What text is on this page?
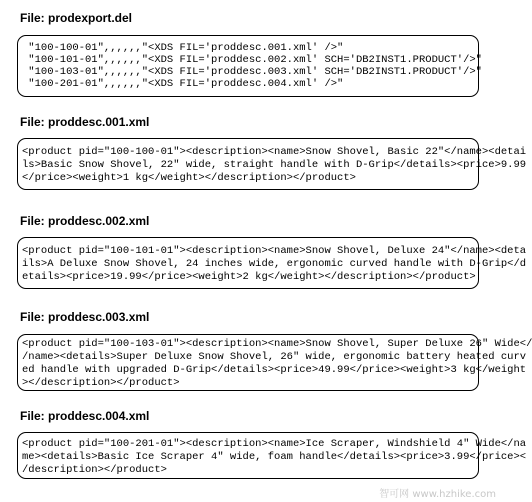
File: prodexport.del
"100-100-01",,,,,,"<XDS FIL='proddesc.001.xml' />"
"100-101-01",,,,,,"<XDS FIL='proddesc.002.xml' SCH='DB2INST1.PRODUCT'/>"
"100-103-01",,,,,,"<XDS FIL='proddesc.003.xml' SCH='DB2INST1.PRODUCT'/>"
"100-201-01",,,,,,"<XDS FIL='proddesc.004.xml' />"
File: proddesc.001.xml
<product pid="100-100-01"><description><name>Snow Shovel, Basic 22"</name><detai
ls>Basic Snow Shovel, 22" wide, straight handle with D-Grip</details><price>9.99
</price><weight>1 kg</weight></description></product>
File: proddesc.002.xml
<product pid="100-101-01"><description><name>Snow Shovel, Deluxe 24"</name><deta
ils>A Deluxe Snow Shovel, 24 inches wide, ergonomic curved handle with D-Grip</d
etails><price>19.99</price><weight>2 kg</weight></description></product>
File: proddesc.003.xml
<product pid="100-103-01"><description><name>Snow Shovel, Super Deluxe 26" Wide</
/name><details>Super Deluxe Snow Shovel, 26" wide, ergonomic battery heated curv
ed handle with upgraded D-Grip</details><price>49.99</price><weight>3 kg</weight
></description></product>
File: proddesc.004.xml
<product pid="100-201-01"><description><name>Ice Scraper, Windshield 4" Wide</na
me><details>Basic Ice Scraper 4" wide, foam handle</details><price>3.99</price><
/description></product>
智可网 www.hzhike.com
